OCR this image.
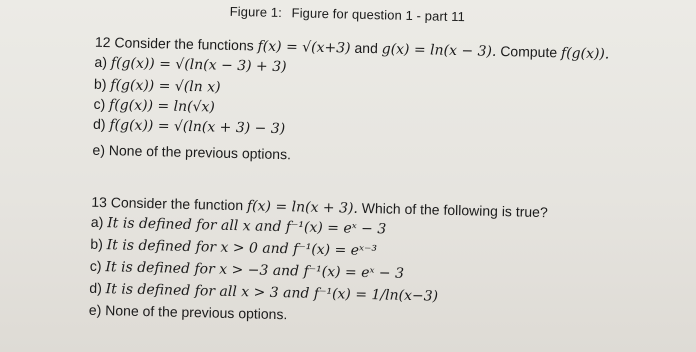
Figure 1: Figure for question 1 - part 11
12 Consider the functions f(x) = √(x+3) and g(x) = ln(x − 3). Compute f(g(x)).
a) f(g(x)) = √(ln(x − 3) + 3)
b) f(g(x)) = √(ln x)
c) f(g(x)) = ln(√x)
d) f(g(x)) = √(ln(x + 3) − 3)
e) None of the previous options.
13 Consider the function f(x) = ln(x + 3). Which of the following is true?
a) It is defined for all x and f⁻¹(x) = eˣ − 3
b) It is defined for x > 0 and f⁻¹(x) = eˣ⁻³
c) It is defined for x > −3 and f⁻¹(x) = eˣ − 3
d) It is defined for all x > 3 and f⁻¹(x) = 1/ln(x−3)
e) None of the previous options.
